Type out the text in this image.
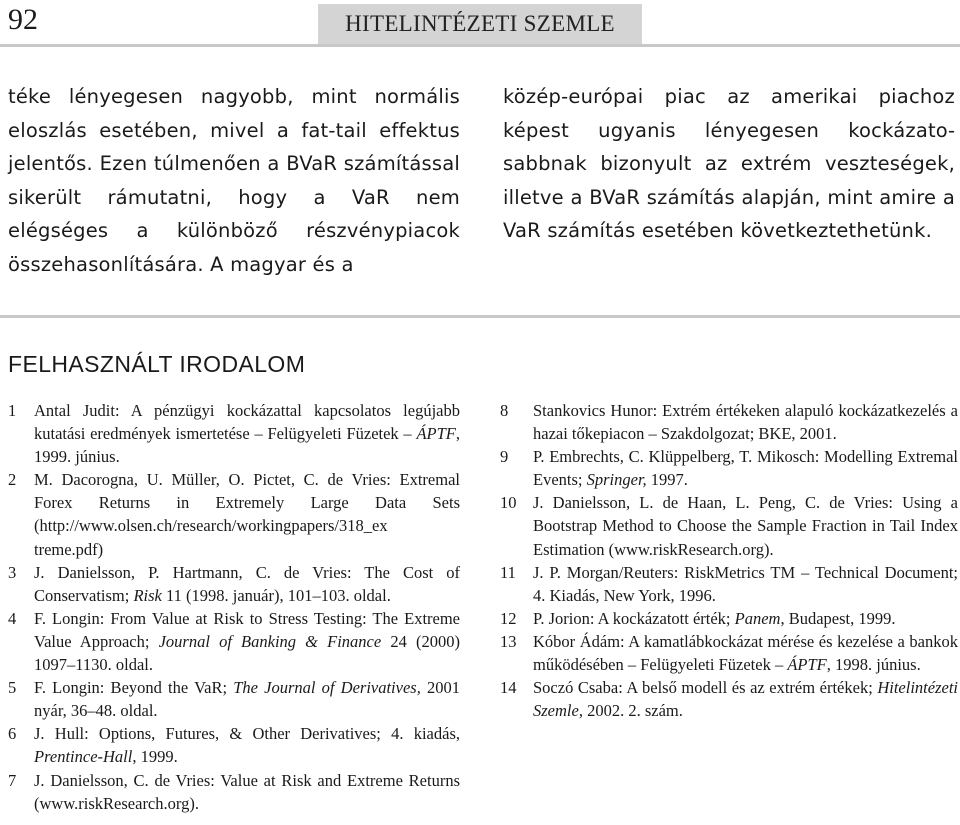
92	HITELINTÉZETI SZEMLE
téke lényegesen nagyobb, mint normális eloszlás esetében, mivel a fat-tail effektus jelentős. Ezen túlmenően a BVaR számítással sikerült rámutatni, hogy a VaR nem elégséges a különböző részvénypiacok összehasonlítására. A magyar és a
közép-európai piac az amerikai piachoz képest ugyanis lényegesen kockázatosabbnak bizonyult az extrém veszteségek, illetve a BVaR számítás alapján, mint amire a VaR számítás esetében következtethetünk.
FELHASZNÁLT IRODALOM
1 Antal Judit: A pénzügyi kockázattal kapcsolatos legújabb kutatási eredmények ismertetése – Felügyeleti Füzetek – ÁPTF, 1999. június.
2 M. Dacorogna, U. Müller, O. Pictet, C. de Vries: Extremal Forex Returns in Extremely Large Data Sets (http://www.olsen.ch/research/workingpapers/318_ex treme.pdf)
3 J. Danielsson, P. Hartmann, C. de Vries: The Cost of Conservatism; Risk 11 (1998. január), 101–103. oldal.
4 F. Longin: From Value at Risk to Stress Testing: The Extreme Value Approach; Journal of Banking & Finance 24 (2000) 1097–1130. oldal.
5 F. Longin: Beyond the VaR; The Journal of Derivatives, 2001 nyár, 36–48. oldal.
6 J. Hull: Options, Futures, & Other Derivatives; 4. kiadás, Prentince-Hall, 1999.
7 J. Danielsson, C. de Vries: Value at Risk and Extreme Returns (www.riskResearch.org).
8	Stankovics Hunor: Extrém értékeken alapuló kockázatkezelés a hazai tőkepiacon – Szakdolgozat; BKE, 2001.
9	P. Embrechts, C. Klüppelberg, T. Mikosch: Modelling Extremal Events; Springer, 1997.
10	J. Danielsson, L. de Haan, L. Peng, C. de Vries: Using a Bootstrap Method to Choose the Sample Fraction in Tail Index Estimation (www.riskResearch.org).
11	J. P. Morgan/Reuters: RiskMetrics TM – Technical Document; 4. Kiadás, New York, 1996.
12	P. Jorion: A kockázatott érték; Panem, Budapest, 1999.
13	Kóbor Ádám: A kamatlábkockázat mérése és kezelése a bankok működésében – Felügyeleti Füzetek – ÁPTF, 1998. június.
14	Soczó Csaba: A belső modell és az extrém értékek; Hitelintézeti Szemle, 2002. 2. szám.
